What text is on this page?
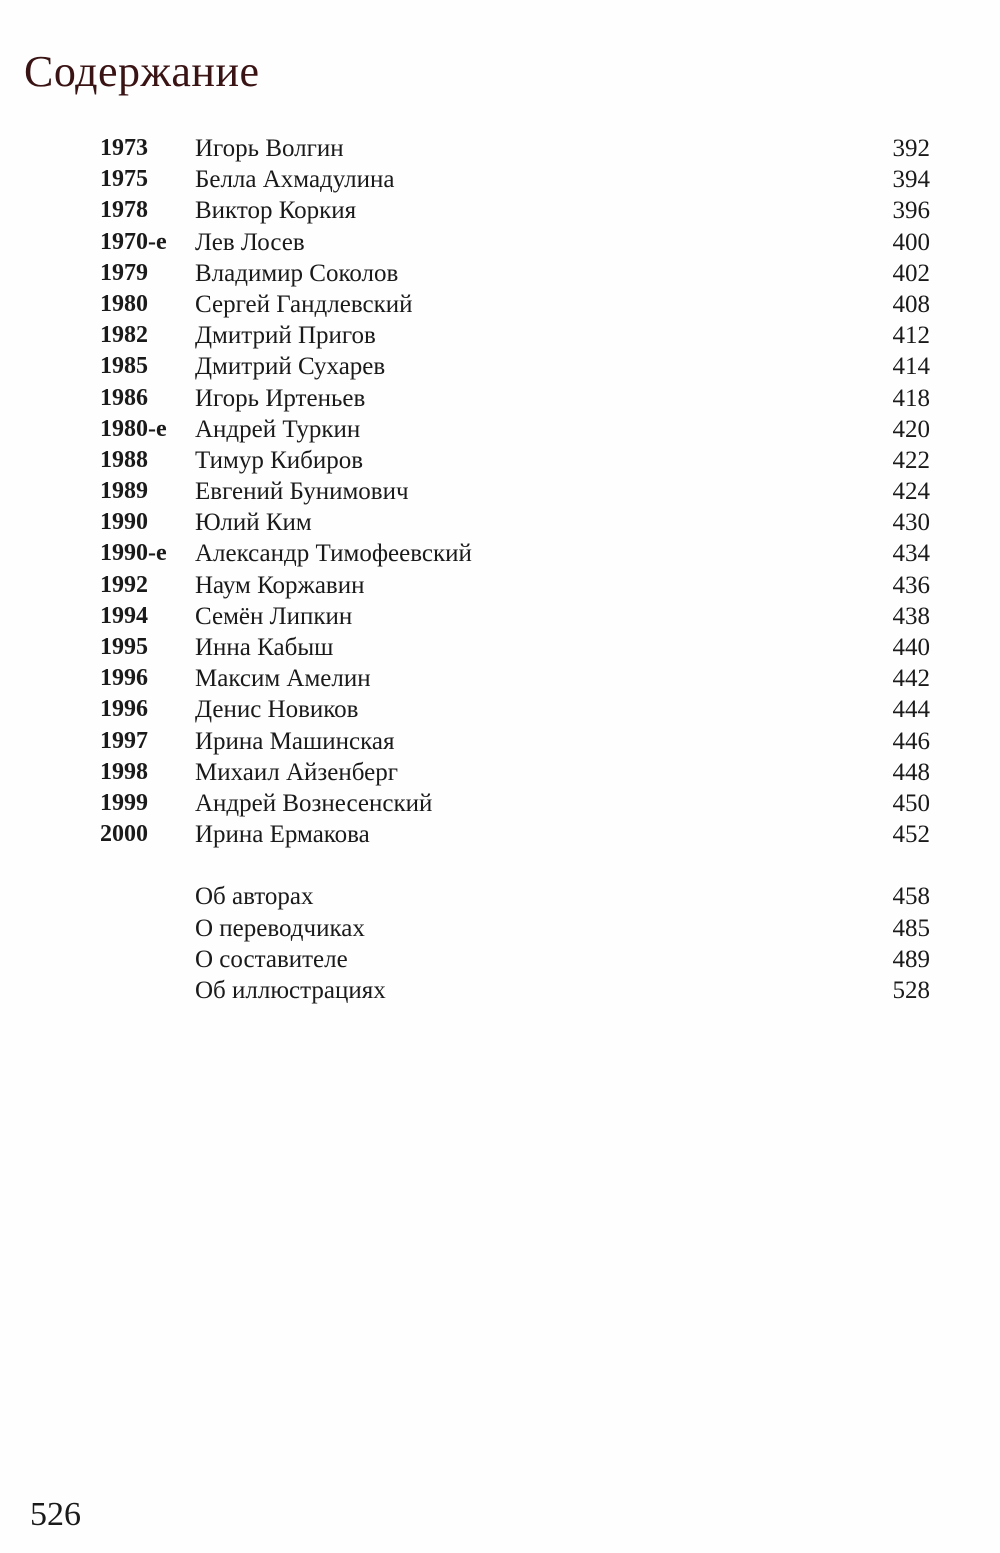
Содержание
1973 Игорь Волгин	392
1975 Белла Ахмадулина	394
1978 Виктор Коркия	396
1970-е Лев Лосев	400
1979 Владимир Соколов	402
1980 Сергей Гандлевский	408
1982 Дмитрий Пригов	412
1985 Дмитрий Сухарев	414
1986 Игорь Иртеньев	418
1980-е Андрей Туркин	420
1988 Тимур Кибиров	422
1989 Евгений Бунимович	424
1990 Юлий Ким	430
1990-е Александр Тимофеевский	434
1992 Наум Коржавин	436
1994 Семён Липкин	438
1995 Инна Кабыш	440
1996 Максим Амелин	442
1996 Денис Новиков	444
1997 Ирина Машинская	446
1998 Михаил Айзенберг	448
1999 Андрей Вознесенский	450
2000 Ирина Ермакова	452
Об авторах	458
О переводчиках	485
О составителе	489
Об иллюстрациях	528
526
